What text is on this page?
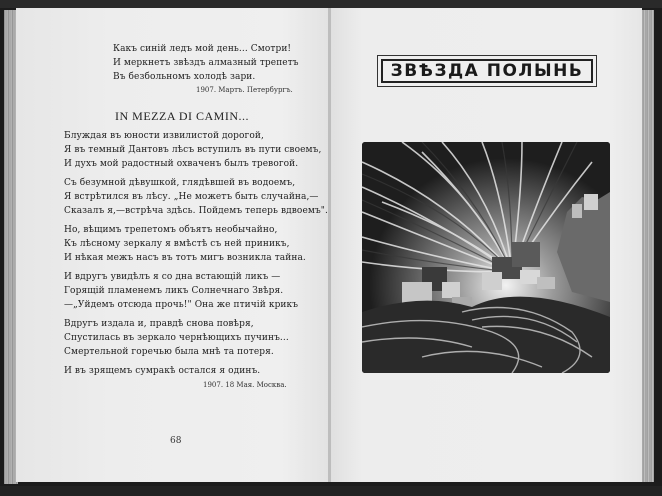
Какъ синій ледъ мой день... Смотри!
И меркнетъ звѣздъ алмазный трепетъ
Въ безбольномъ холодѣ зари.
1907. Мартъ. Петербургъ.
IN MEZZA DI CAMIN...
Блуждая въ юности извилистой дорогой,
Я въ темный Дантовъ лѣсъ вступилъ въ пути своемъ,
И духъ мой радостный охваченъ былъ тревогой.
Съ безумной дѣвушкой, глядѣвшей въ водоемъ,
Я встрѣтился въ лѣсу. „Не можетъ быть случайна,—
Сказалъ я,—встрѣча здѣсь. Пойдемъ теперь вдвоемъ".
Но, вѣщимъ трепетомъ объятъ необычайно,
Къ лѣсному зеркалу я вмѣстѣ съ ней приникъ,
И нѣкая межъ насъ въ тотъ мигъ возникла тайна.
И вдругъ увидѣлъ я со дна встающій ликъ —
Горящій пламенемъ ликъ Солнечнаго Звѣря.
—„Уйдемъ отсюда прочь!" Она же птичій крикъ
Вдругъ издала и, правдѣ снова повѣря,
Спустилась въ зеркало чернѣющихъ пучинъ...
Смертельной горечью была мнѣ та потеря.
И въ зрящемъ сумракѣ остался я одинъ.
1907. 18 Мая. Москва.
68
ЗВѢЗДА ПОЛЫНЬ
